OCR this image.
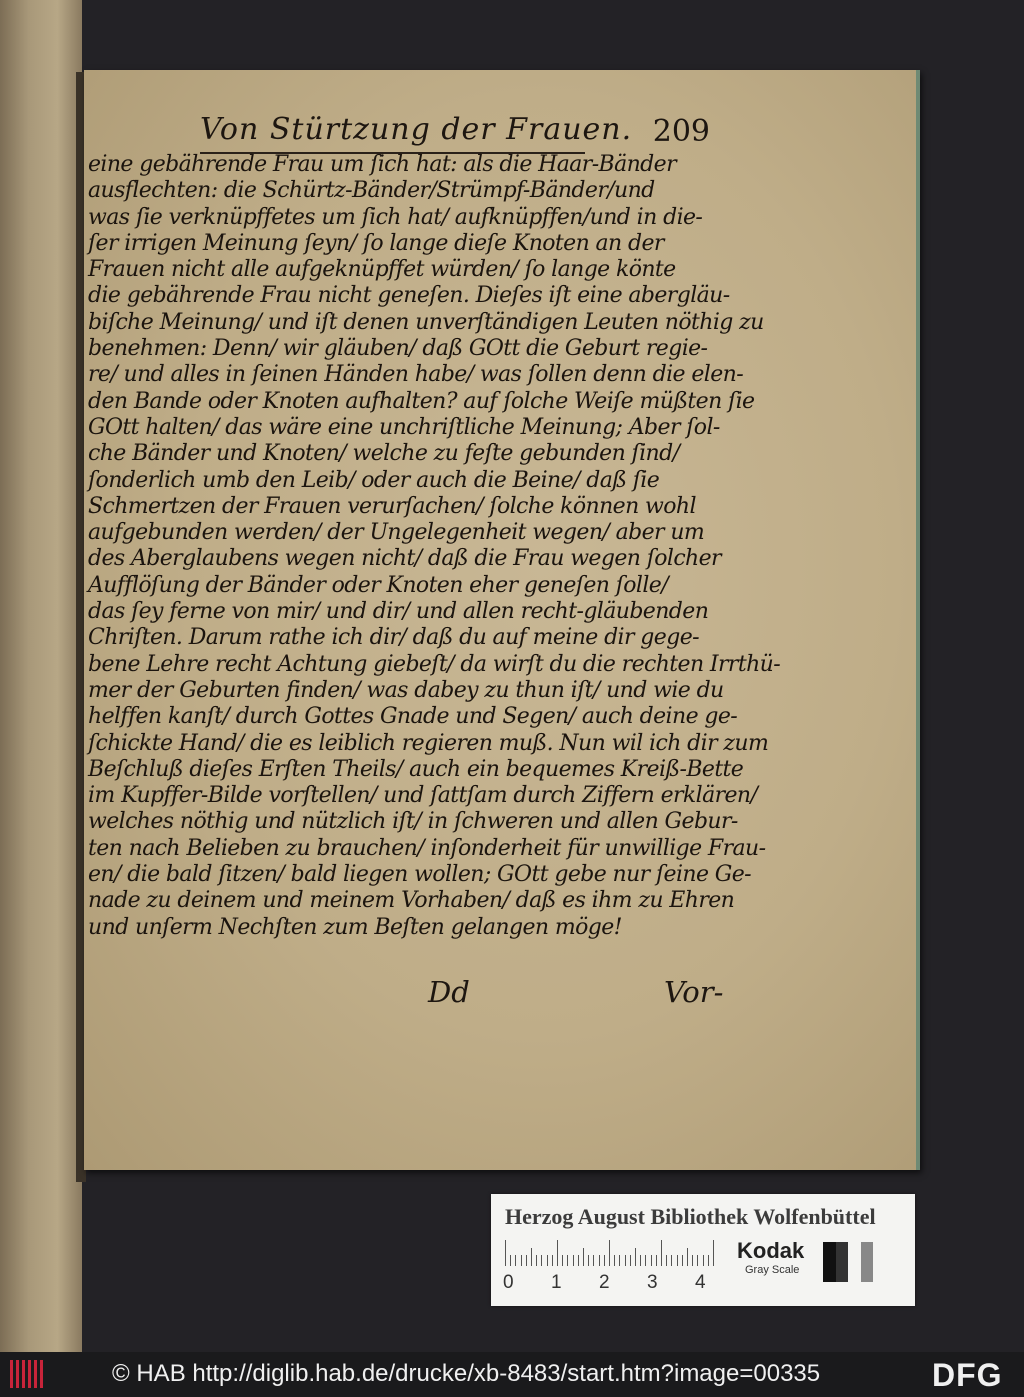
Von Stürtzung der Frauen. 209
eine gebährende Frau um ſich hat: als die Haar-Bänder
ausflechten: die Schürtz-Bänder/Strümpf-Bänder/und
was ſie verknüpffetes um ſich hat/ aufknüpffen/und in die-
ſer irrigen Meinung ſeyn/ ſo lange dieſe Knoten an der
Frauen nicht alle aufgeknüpffet würden/ ſo lange könte
die gebährende Frau nicht geneſen. Dieſes iſt eine abergläu-
biſche Meinung/ und iſt denen unverſtändigen Leuten nöthig zu
benehmen: Denn/ wir gläuben/ daß GOtt die Geburt regie-
re/ und alles in ſeinen Händen habe/ was ſollen denn die elen-
den Bande oder Knoten aufhalten? auf ſolche Weiſe müßten ſie
GOtt halten/ das wäre eine unchriſtliche Meinung; Aber ſol-
che Bänder und Knoten/ welche zu feſte gebunden ſind/
ſonderlich umb den Leib/ oder auch die Beine/ daß ſie
Schmertzen der Frauen verurſachen/ ſolche können wohl
aufgebunden werden/ der Ungelegenheit wegen/ aber um
des Aberglaubens wegen nicht/ daß die Frau wegen ſolcher
Aufflöſung der Bänder oder Knoten eher geneſen ſolle/
das ſey ferne von mir/ und dir/ und allen recht-gläubenden
Chriſten. Darum rathe ich dir/ daß du auf meine dir gege-
bene Lehre recht Achtung giebeſt/ da wirſt du die rechten Irrthü-
mer der Geburten finden/ was dabey zu thun iſt/ und wie du
helffen kanſt/ durch Gottes Gnade und Segen/ auch deine ge-
ſchickte Hand/ die es leiblich regieren muß. Nun wil ich dir zum
Beſchluß dieſes Erſten Theils/ auch ein bequemes Kreiß-Bette
im Kupffer-Bilde vorſtellen/ und ſattſam durch Ziffern erklären/
welches nöthig und nützlich iſt/ in ſchweren und allen Gebur-
ten nach Belieben zu brauchen/ inſonderheit für unwillige Frau-
en/ die bald ſitzen/ bald liegen wollen; GOtt gebe nur ſeine Ge-
nade zu deinem und meinem Vorhaben/ daß es ihm zu Ehren
und unſerm Nechſten zum Beſten gelangen möge!
Dd	Vor-
Herzog August Bibliothek Wolfenbüttel
0 1 2 3 4
Kodak
Gray Scale
© HAB http://diglib.hab.de/drucke/xb-8483/start.htm?image=00335	DFG
